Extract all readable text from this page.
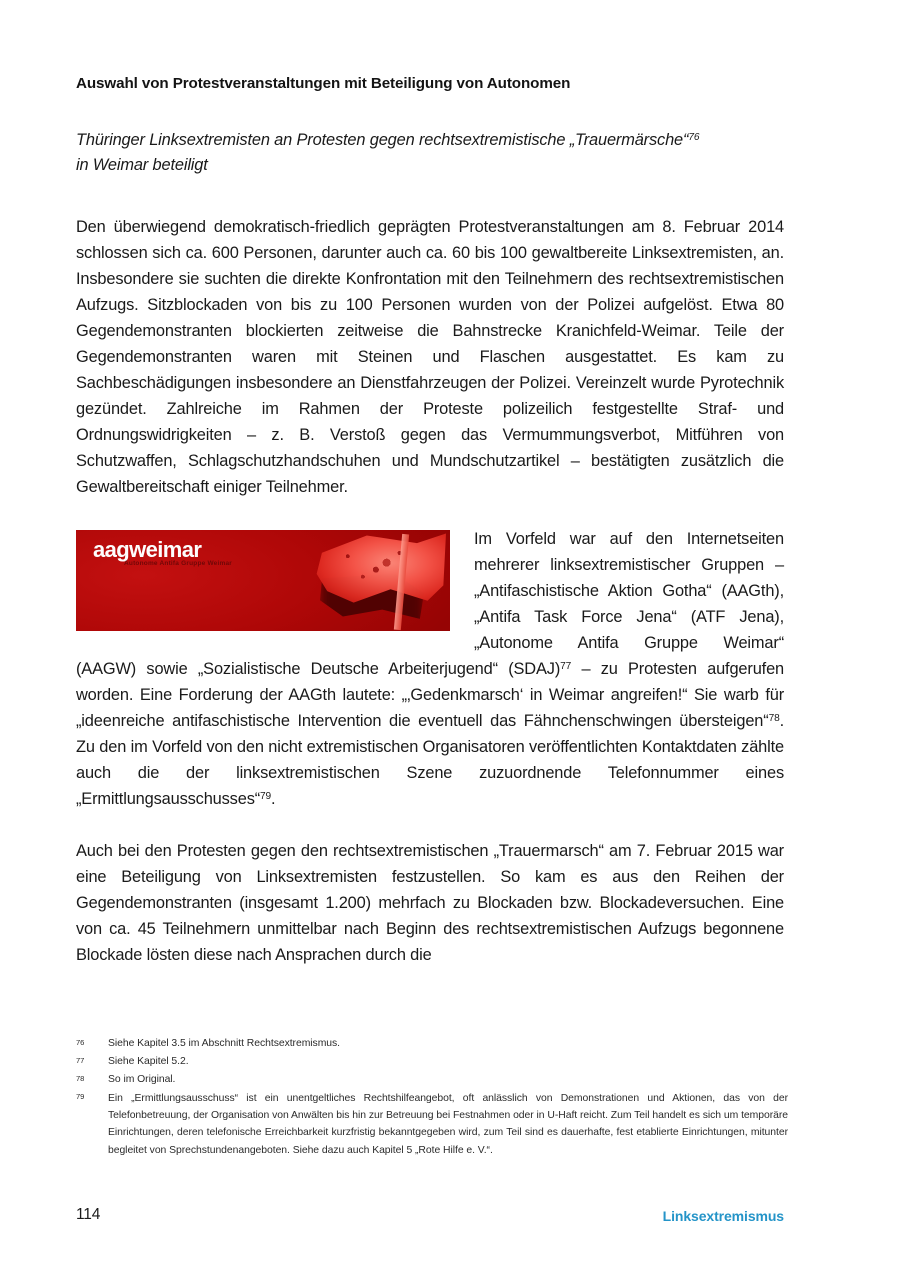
Auswahl von Protestveranstaltungen mit Beteiligung von Autonomen

Thüringer Linksextremisten an Protesten gegen rechtsextremistische „Trauermärsche“$^{76}$
in Weimar beteiligt

Den überwiegend demokratisch-friedlich geprägten Protestveranstaltungen am 8. Februar 2014 schlossen sich ca. 600 Personen, darunter auch ca. 60 bis 100 gewaltbereite Linksextremisten, an. Insbesondere sie suchten die direkte Konfrontation mit den Teilnehmern des rechtsextremistischen Aufzugs. Sitzblockaden von bis zu 100 Personen wurden von der Polizei aufgelöst. Etwa 80 Gegendemonstranten blockierten zeitweise die Bahnstrecke Kranichfeld-Weimar. Teile der Gegendemonstranten waren mit Steinen und Flaschen ausgestattet. Es kam zu Sachbeschädigungen insbesondere an Dienstfahrzeugen der Polizei. Vereinzelt wurde Pyrotechnik gezündet. Zahlreiche im Rahmen der Proteste polizeilich festgestellte Straf- und Ordnungswidrigkeiten – z. B. Verstoß gegen das Vermummungsverbot, Mitführen von Schutzwaffen, Schlagschutzhandschuhen und Mundschutzartikel – bestätigten zusätzlich die Gewaltbereitschaft einiger Teilnehmer.

aagweimar
Autonome Antifa Gruppe Weimar

Im Vorfeld war auf den Internetseiten mehrerer linksextremistischer Gruppen – „Antifaschistische Aktion Gotha“ (AAGth), „Antifa Task Force Jena“ (ATF Jena), „Autonome Antifa Gruppe Weimar“ (AAGW) sowie „Sozialistische Deutsche Arbeiterjugend“ (SDAJ)$^{77}$ – zu Protesten aufgerufen worden. Eine Forderung der AAGth lautete: „‚Gedenkmarsch‘ in Weimar angreifen!“ Sie warb für „ideenreiche antifaschistische Intervention die eventuell das Fähnchenschwingen übersteigen“$^{78}$. Zu den im Vorfeld von den nicht extremistischen Organisatoren veröffentlichten Kontaktdaten zählte auch die der linksextremistischen Szene zuzuordnende Telefonnummer eines „Ermittlungsausschusses“$^{79}$.

Auch bei den Protesten gegen den rechtsextremistischen „Trauermarsch“ am 7. Februar 2015 war eine Beteiligung von Linksextremisten festzustellen. So kam es aus den Reihen der Gegendemonstranten (insgesamt 1.200) mehrfach zu Blockaden bzw. Blockadeversuchen. Eine von ca. 45 Teilnehmern unmittelbar nach Beginn des rechtsextremistischen Aufzugs begonnene Blockade lösten diese nach Ansprachen durch die

76	Siehe Kapitel 3.5 im Abschnitt Rechtsextremismus.
77	Siehe Kapitel 5.2.
78	So im Original.
79	Ein „Ermittlungsausschuss“ ist ein unentgeltliches Rechtshilfeangebot, oft anlässlich von Demonstrationen und Aktionen, das von der Telefonbetreuung, der Organisation von Anwälten bis hin zur Betreuung bei Festnahmen oder in U-Haft reicht. Zum Teil handelt es sich um temporäre Einrichtungen, deren telefonische Erreichbarkeit kurzfristig bekanntgegeben wird, zum Teil sind es dauerhafte, fest etablierte Einrichtungen, mitunter begleitet von Sprechstundenangeboten. Siehe dazu auch Kapitel 5 „Rote Hilfe e. V.“.
114	Linksextremismus
